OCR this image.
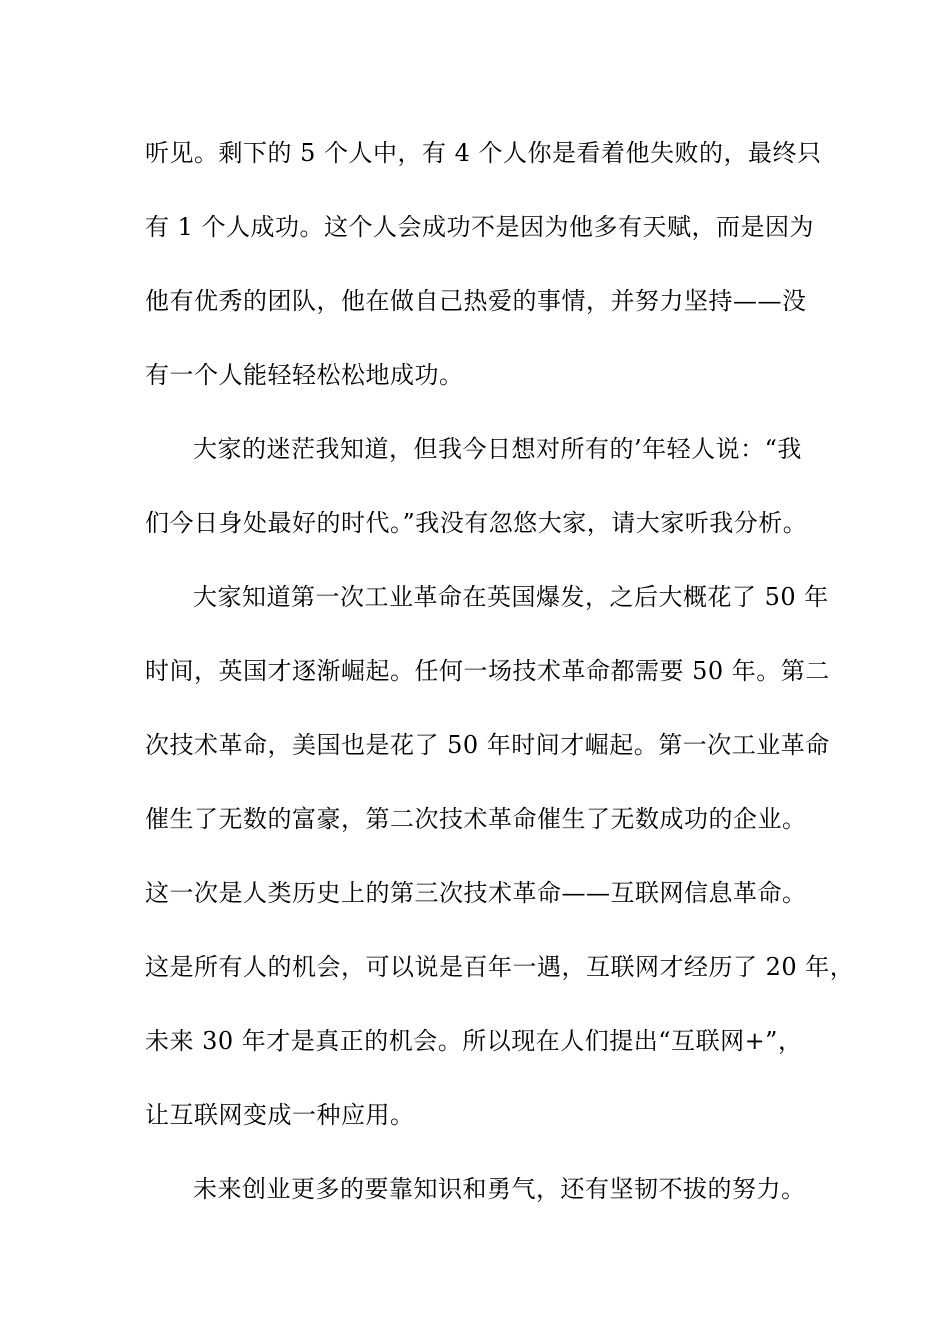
听见。剩下的 5 个人中，有 4 个人你是看着他失败的，最终只
有 1 个人成功。这个人会成功不是因为他多有天赋，而是因为
他有优秀的团队，他在做自己热爱的事情，并努力坚持——没
有一个人能轻轻松松地成功。
大家的迷茫我知道，但我今日想对所有的’年轻人说：“我
们今日身处最好的时代。”我没有忽悠大家，请大家听我分析。
大家知道第一次工业革命在英国爆发，之后大概花了 50 年
时间，英国才逐渐崛起。任何一场技术革命都需要 50 年。第二
次技术革命，美国也是花了 50 年时间才崛起。第一次工业革命
催生了无数的富豪，第二次技术革命催生了无数成功的企业。
这一次是人类历史上的第三次技术革命——互联网信息革命。
这是所有人的机会，可以说是百年一遇，互联网才经历了 20 年，
未来 30 年才是真正的机会。所以现在人们提出“互联网+”，
让互联网变成一种应用。
未来创业更多的要靠知识和勇气，还有坚韧不拔的努力。
